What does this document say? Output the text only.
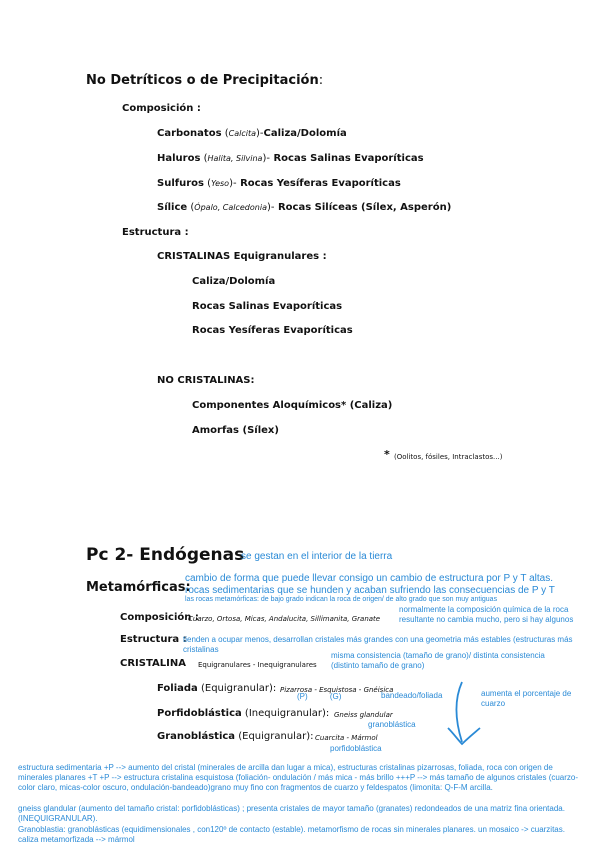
No Detríticos o de Precipitación:
Composición :
Carbonatos (Calcita)-Caliza/Dolomía
Haluros (Halita, Silvina)- Rocas Salinas Evaporíticas
Sulfuros (Yeso)- Rocas Yesíferas Evaporíticas
Sílice (Ópalo, Calcedonia)- Rocas Silíceas (Sílex, Asperón)
Estructura :
CRISTALINAS Equigranulares :
Caliza/Dolomía
Rocas Salinas Evaporíticas
Rocas Yesíferas Evaporíticas
NO CRISTALINAS:
Componentes Aloquímicos* (Caliza)
Amorfas (Sílex)
* (Oolitos, fósiles, Intraclastos...)
Pc 2- Endógenas
se gestan en el interior de la tierra
Metamórficas:
cambio de forma que puede llevar consigo un cambio de estructura por P y T altas.
rocas sedimentarias que se hunden y acaban sufriendo las consecuencias de P y T
las rocas metamórficas: de bajo grado indican la roca de origen/ de alto grado que son muy antiguas
Composición :
Cuarzo, Ortosa, Micas, Andalucita, Sillimanita, Granate
normalmente la composición química de la roca resultante no cambia mucho, pero si hay algunos
Estructura :
tienden a ocupar menos, desarrollan cristales más grandes con una geometria más estables (estructuras más cristalinas
CRISTALINA Equigranulares - Inequigranulares
misma consistencia (tamaño de grano)/ distinta consistencia
(distinto tamaño de grano)
Foliada (Equigranular): Pizarrosa - Esquistosa - Gnéisica
(P)          (G)	bandeado/foliada
Porfidoblástica (Inequigranular): Gneiss glandular
granoblástica
Granoblástica (Equigranular): Cuarcita - Mármol
porfidoblástica
aumenta el porcentaje de cuarzo
estructura sedimentaria +P --> aumento del cristal (minerales de arcilla dan lugar a mica), estructuras cristalinas pizarrosas, foliada, roca con origen de minerales planares +T +P --> estructura cristalina esquistosa (foliación- ondulación / más mica - más brillo +++P --> más tamaño de algunos cristales (cuarzo-color claro, micas-color oscuro, ondulación-bandeado)grano muy fino con fragmentos de cuarzo y feldespatos (limonita: Q-F-M arcilla.
gneiss glandular (aumento del tamaño cristal: porfidoblásticas) ; presenta cristales de mayor tamaño (granates) redondeados de una matriz fina orientada. (INEQUIGRANULAR).
Granoblastia: granoblásticas (equidimensionales , con120º de contacto (estable). metamorfismo de rocas sin minerales planares. un mosaico -> cuarzitas. caliza metamorfizada --> mármol
